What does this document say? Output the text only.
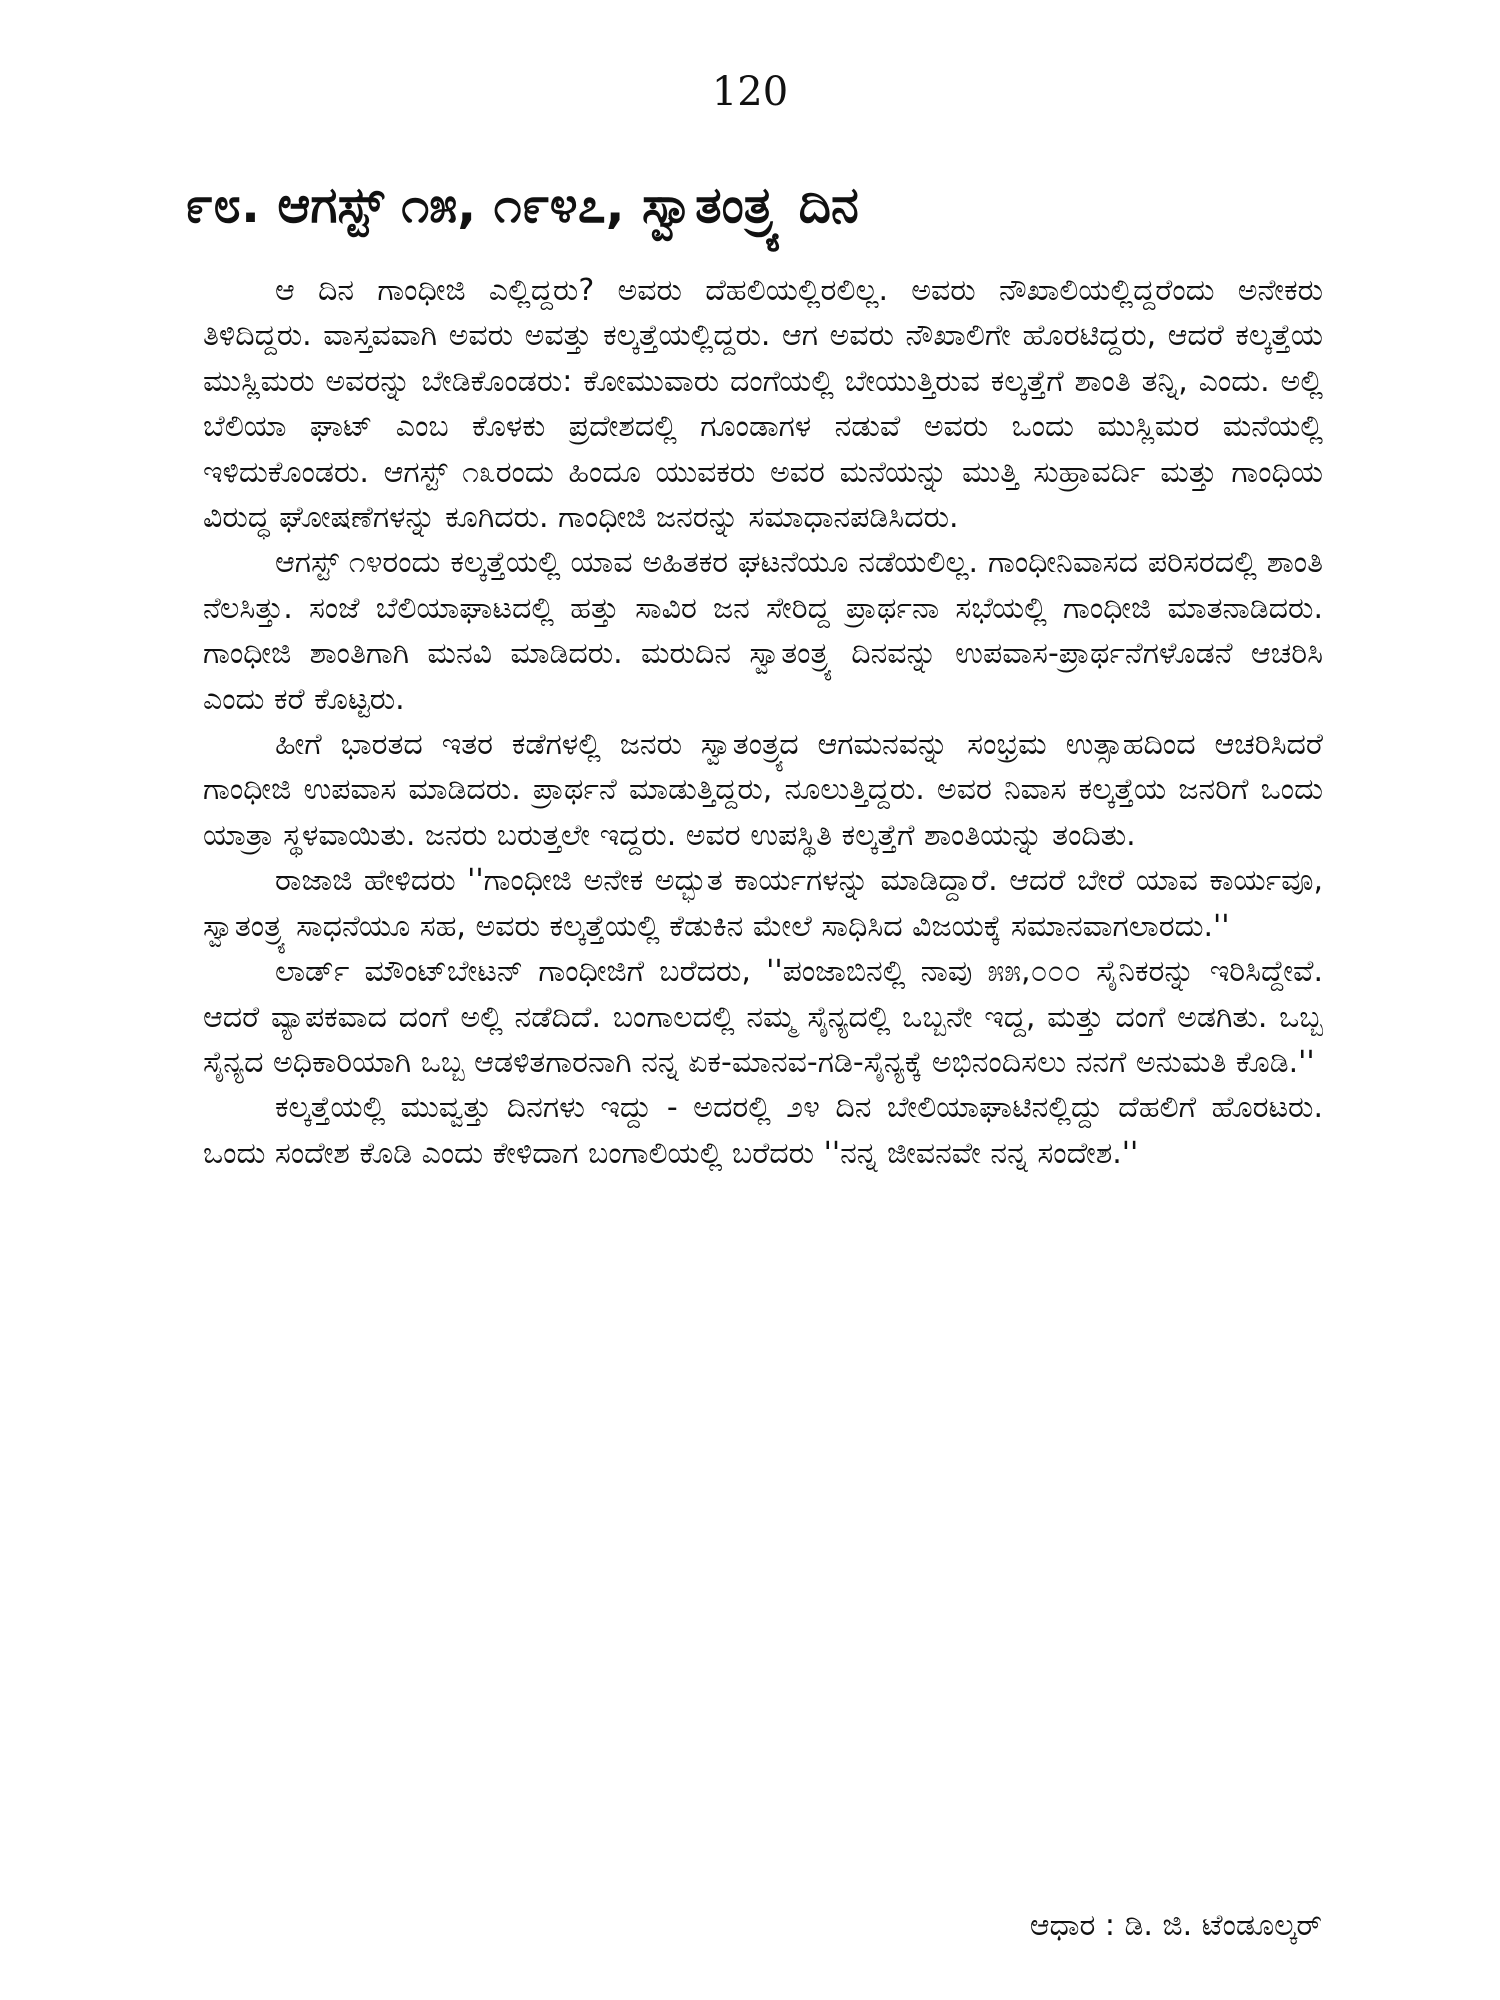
120
೯೮. ಆಗಸ್ಟ್ ೧೫, ೧೯೪೭, ಸ್ವಾತಂತ್ರ್ಯ ದಿನ

ಆ ದಿನ ಗಾಂಧೀಜಿ ಎಲ್ಲಿದ್ದರು? ಅವರು ದೆಹಲಿಯಲ್ಲಿರಲಿಲ್ಲ. ಅವರು ನೌಖಾಲಿಯಲ್ಲಿದ್ದರೆಂದು ಅನೇಕರು ತಿಳಿದಿದ್ದರು. ವಾಸ್ತವವಾಗಿ ಅವರು ಅವತ್ತು ಕಲ್ಕತ್ತೆಯಲ್ಲಿದ್ದರು. ಆಗ ಅವರು ನೌಖಾಲಿಗೇ ಹೊರಟಿದ್ದರು, ಆದರೆ ಕಲ್ಕತ್ತೆಯ ಮುಸ್ಲಿಮರು ಅವರನ್ನು ಬೇಡಿಕೊಂಡರು: ಕೋಮುವಾರು ದಂಗೆಯಲ್ಲಿ ಬೇಯುತ್ತಿರುವ ಕಲ್ಕತ್ತೆಗೆ ಶಾಂತಿ ತನ್ನಿ, ಎಂದು. ಅಲ್ಲಿ ಬೆಲಿಯಾ ಘಾಟ್ ಎಂಬ ಕೊಳಕು ಪ್ರದೇಶದಲ್ಲಿ ಗೂಂಡಾಗಳ ನಡುವೆ ಅವರು ಒಂದು ಮುಸ್ಲಿಮರ ಮನೆಯಲ್ಲಿ ಇಳಿದುಕೊಂಡರು. ಆಗಸ್ಟ್ ೧೩ರಂದು ಹಿಂದೂ ಯುವಕರು ಅವರ ಮನೆಯನ್ನು ಮುತ್ತಿ ಸುಹ್ರಾವರ್ದಿ ಮತ್ತು ಗಾಂಧಿಯ ವಿರುದ್ಧ ಘೋಷಣೆಗಳನ್ನು ಕೂಗಿದರು. ಗಾಂಧೀಜಿ ಜನರನ್ನು ಸಮಾಧಾನಪಡಿಸಿದರು.

ಆಗಸ್ಟ್ ೧೪ರಂದು ಕಲ್ಕತ್ತೆಯಲ್ಲಿ ಯಾವ ಅಹಿತಕರ ಘಟನೆಯೂ ನಡೆಯಲಿಲ್ಲ. ಗಾಂಧೀನಿವಾಸದ ಪರಿಸರದಲ್ಲಿ ಶಾಂತಿ ನೆಲಸಿತ್ತು. ಸಂಜೆ ಬೆಲಿಯಾಘಾಟದಲ್ಲಿ ಹತ್ತು ಸಾವಿರ ಜನ ಸೇರಿದ್ದ ಪ್ರಾರ್ಥನಾ ಸಭೆಯಲ್ಲಿ ಗಾಂಧೀಜಿ ಮಾತನಾಡಿದರು. ಗಾಂಧೀಜಿ ಶಾಂತಿಗಾಗಿ ಮನವಿ ಮಾಡಿದರು. ಮರುದಿನ ಸ್ವಾತಂತ್ರ್ಯ ದಿನವನ್ನು ಉಪವಾಸ-ಪ್ರಾರ್ಥನೆಗಳೊಡನೆ ಆಚರಿಸಿ ಎಂದು ಕರೆ ಕೊಟ್ಟರು.

ಹೀಗೆ ಭಾರತದ ಇತರ ಕಡೆಗಳಲ್ಲಿ ಜನರು ಸ್ವಾತಂತ್ರ್ಯದ ಆಗಮನವನ್ನು ಸಂಭ್ರಮ ಉತ್ಸಾಹದಿಂದ ಆಚರಿಸಿದರೆ ಗಾಂಧೀಜಿ ಉಪವಾಸ ಮಾಡಿದರು. ಪ್ರಾರ್ಥನೆ ಮಾಡುತ್ತಿದ್ದರು, ನೂಲುತ್ತಿದ್ದರು. ಅವರ ನಿವಾಸ ಕಲ್ಕತ್ತೆಯ ಜನರಿಗೆ ಒಂದು ಯಾತ್ರಾ ಸ್ಥಳವಾಯಿತು. ಜನರು ಬರುತ್ತಲೇ ಇದ್ದರು. ಅವರ ಉಪಸ್ಥಿತಿ ಕಲ್ಕತ್ತೆಗೆ ಶಾಂತಿಯನ್ನು ತಂದಿತು.

ರಾಜಾಜಿ ಹೇಳಿದರು ''ಗಾಂಧೀಜಿ ಅನೇಕ ಅದ್ಭುತ ಕಾರ್ಯಗಳನ್ನು ಮಾಡಿದ್ದಾರೆ. ಆದರೆ ಬೇರೆ ಯಾವ ಕಾರ್ಯವೂ, ಸ್ವಾತಂತ್ರ್ಯ ಸಾಧನೆಯೂ ಸಹ, ಅವರು ಕಲ್ಕತ್ತೆಯಲ್ಲಿ ಕೆಡುಕಿನ ಮೇಲೆ ಸಾಧಿಸಿದ ವಿಜಯಕ್ಕೆ ಸಮಾನವಾಗಲಾರದು.''

ಲಾರ್ಡ್ ಮೌಂಟ್‌ಬೇಟನ್ ಗಾಂಧೀಜಿಗೆ ಬರೆದರು, ''ಪಂಜಾಬಿನಲ್ಲಿ ನಾವು ೫೫,೦೦೦ ಸೈನಿಕರನ್ನು ಇರಿಸಿದ್ದೇವೆ. ಆದರೆ ವ್ಯಾಪಕವಾದ ದಂಗೆ ಅಲ್ಲಿ ನಡೆದಿದೆ. ಬಂಗಾಲದಲ್ಲಿ ನಮ್ಮ ಸೈನ್ಯದಲ್ಲಿ ಒಬ್ಬನೇ ಇದ್ದ, ಮತ್ತು ದಂಗೆ ಅಡಗಿತು. ಒಬ್ಬ ಸೈನ್ಯದ ಅಧಿಕಾರಿಯಾಗಿ ಒಬ್ಬ ಆಡಳಿತಗಾರನಾಗಿ ನನ್ನ ಏಕ-ಮಾನವ-ಗಡಿ-ಸೈನ್ಯಕ್ಕೆ ಅಭಿನಂದಿಸಲು ನನಗೆ ಅನುಮತಿ ಕೊಡಿ.''

ಕಲ್ಕತ್ತೆಯಲ್ಲಿ ಮುವ್ವತ್ತು ದಿನಗಳು ಇದ್ದು - ಅದರಲ್ಲಿ ೨೪ ದಿನ ಬೇಲಿಯಾಘಾಟಿನಲ್ಲಿದ್ದು ದೆಹಲಿಗೆ ಹೊರಟರು. ಒಂದು ಸಂದೇಶ ಕೊಡಿ ಎಂದು ಕೇಳಿದಾಗ ಬಂಗಾಲಿಯಲ್ಲಿ ಬರೆದರು ''ನನ್ನ ಜೀವನವೇ ನನ್ನ ಸಂದೇಶ.''

ಆಧಾರ : ಡಿ. ಜಿ. ಟೆಂಡೂಲ್ಕರ್
